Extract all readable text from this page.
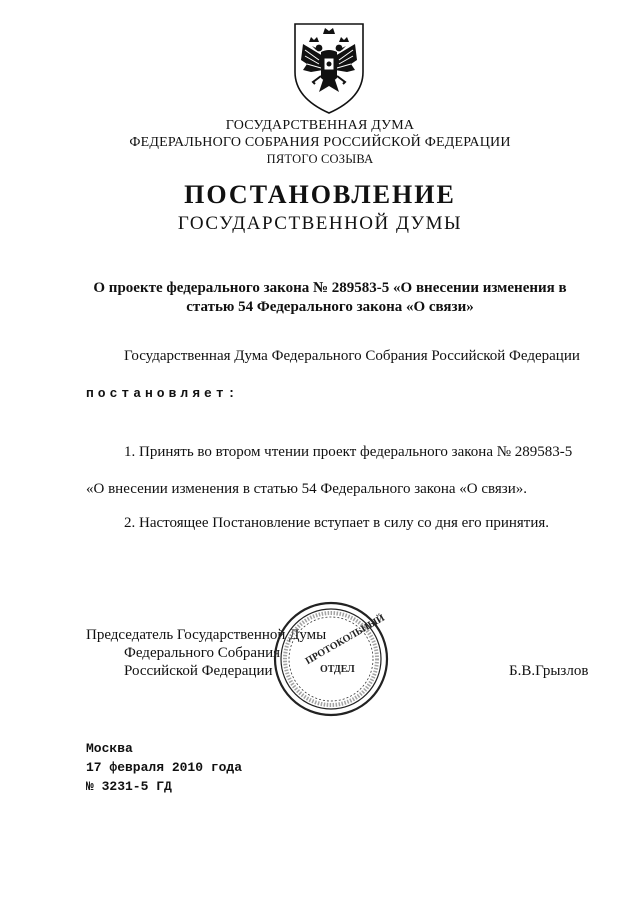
ГОСУДАРСТВЕННАЯ ДУМА
ФЕДЕРАЛЬНОГО СОБРАНИЯ РОССИЙСКОЙ ФЕДЕРАЦИИ
ПЯТОГО СОЗЫВА
ПОСТАНОВЛЕНИЕ
ГОСУДАРСТВЕННОЙ ДУМЫ
О проекте федерального закона № 289583-5 «О внесении изменения в
статью 54 Федерального закона «О связи»
Государственная Дума Федерального Собрания Российской Федерации
постановляет:
1. Принять во втором чтении проект федерального закона № 289583-5
«О внесении изменения в статью 54 Федерального закона «О связи».
2. Настоящее Постановление вступает в силу со дня его принятия.
Председатель Государственной Думы
Федерального Собрания
Российской Федерации	Б.В.Грызлов
ПРОТОКОЛЬНЫЙ
ОТДЕЛ
Москва
17 февраля 2010 года
№ 3231-5 ГД
